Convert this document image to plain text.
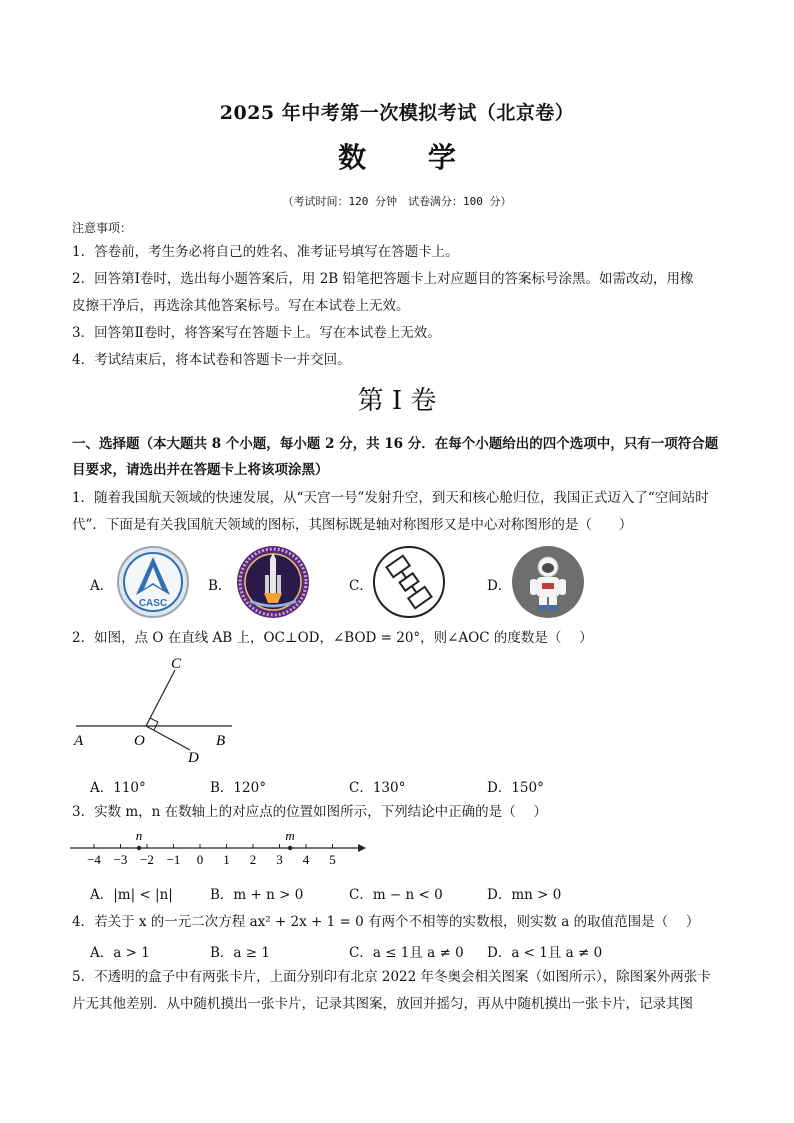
2025 年中考第一次模拟考试（北京卷）
数 学
（考试时间：120 分钟　试卷满分：100 分）
注意事项：
1．答卷前，考生务必将自己的姓名、准考证号填写在答题卡上。
2．回答第Ⅰ卷时，选出每小题答案后，用 2B 铅笔把答题卡上对应题目的答案标号涂黑。如需改动，用橡
皮擦干净后，再选涂其他答案标号。写在本试卷上无效。
3．回答第Ⅱ卷时，将答案写在答题卡上。写在本试卷上无效。
4．考试结束后，将本试卷和答题卡一并交回。
第 I 卷
一、选择题（本大题共 8 个小题，每小题 2 分，共 16 分．在每个小题给出的四个选项中，只有一项符合题
目要求，请选出并在答题卡上将该项涂黑）
1．随着我国航天领域的快速发展，从“天宫一号”发射升空，到天和核心舱归位，我国正式迈入了“空间站时
代”．下面是有关我国航天领域的图标，其图标既是轴对称图形又是中心对称图形的是（　　）
A．
CASC
B．	C．	D．
2．如图，点 O 在直线 AB 上，OC⊥OD，∠BOD = 20°，则∠AOC 的度数是（　 ）
A	O	B
C
D
A．110°	B．120°	C．130°	D．150°
3．实数 m，n 在数轴上的对应点的位置如图所示，下列结论中正确的是（　 ）
−4 −3 −2 −1 0 1 2 3 4 5
n	m
A．|m| < |n|	B．m + n > 0	C．m − n < 0	D．mn > 0
4．若关于 x 的一元二次方程 ax² + 2x + 1 = 0 有两个不相等的实数根，则实数 a 的取值范围是（　 ）
A．a > 1	B．a ≥ 1	C．a ≤ 1且 a ≠ 0 D．a < 1且 a ≠ 0
5．不透明的盒子中有两张卡片，上面分别印有北京 2022 年冬奥会相关图案（如图所示），除图案外两张卡
片无其他差别．从中随机摸出一张卡片，记录其图案，放回并摇匀，再从中随机摸出一张卡片，记录其图
